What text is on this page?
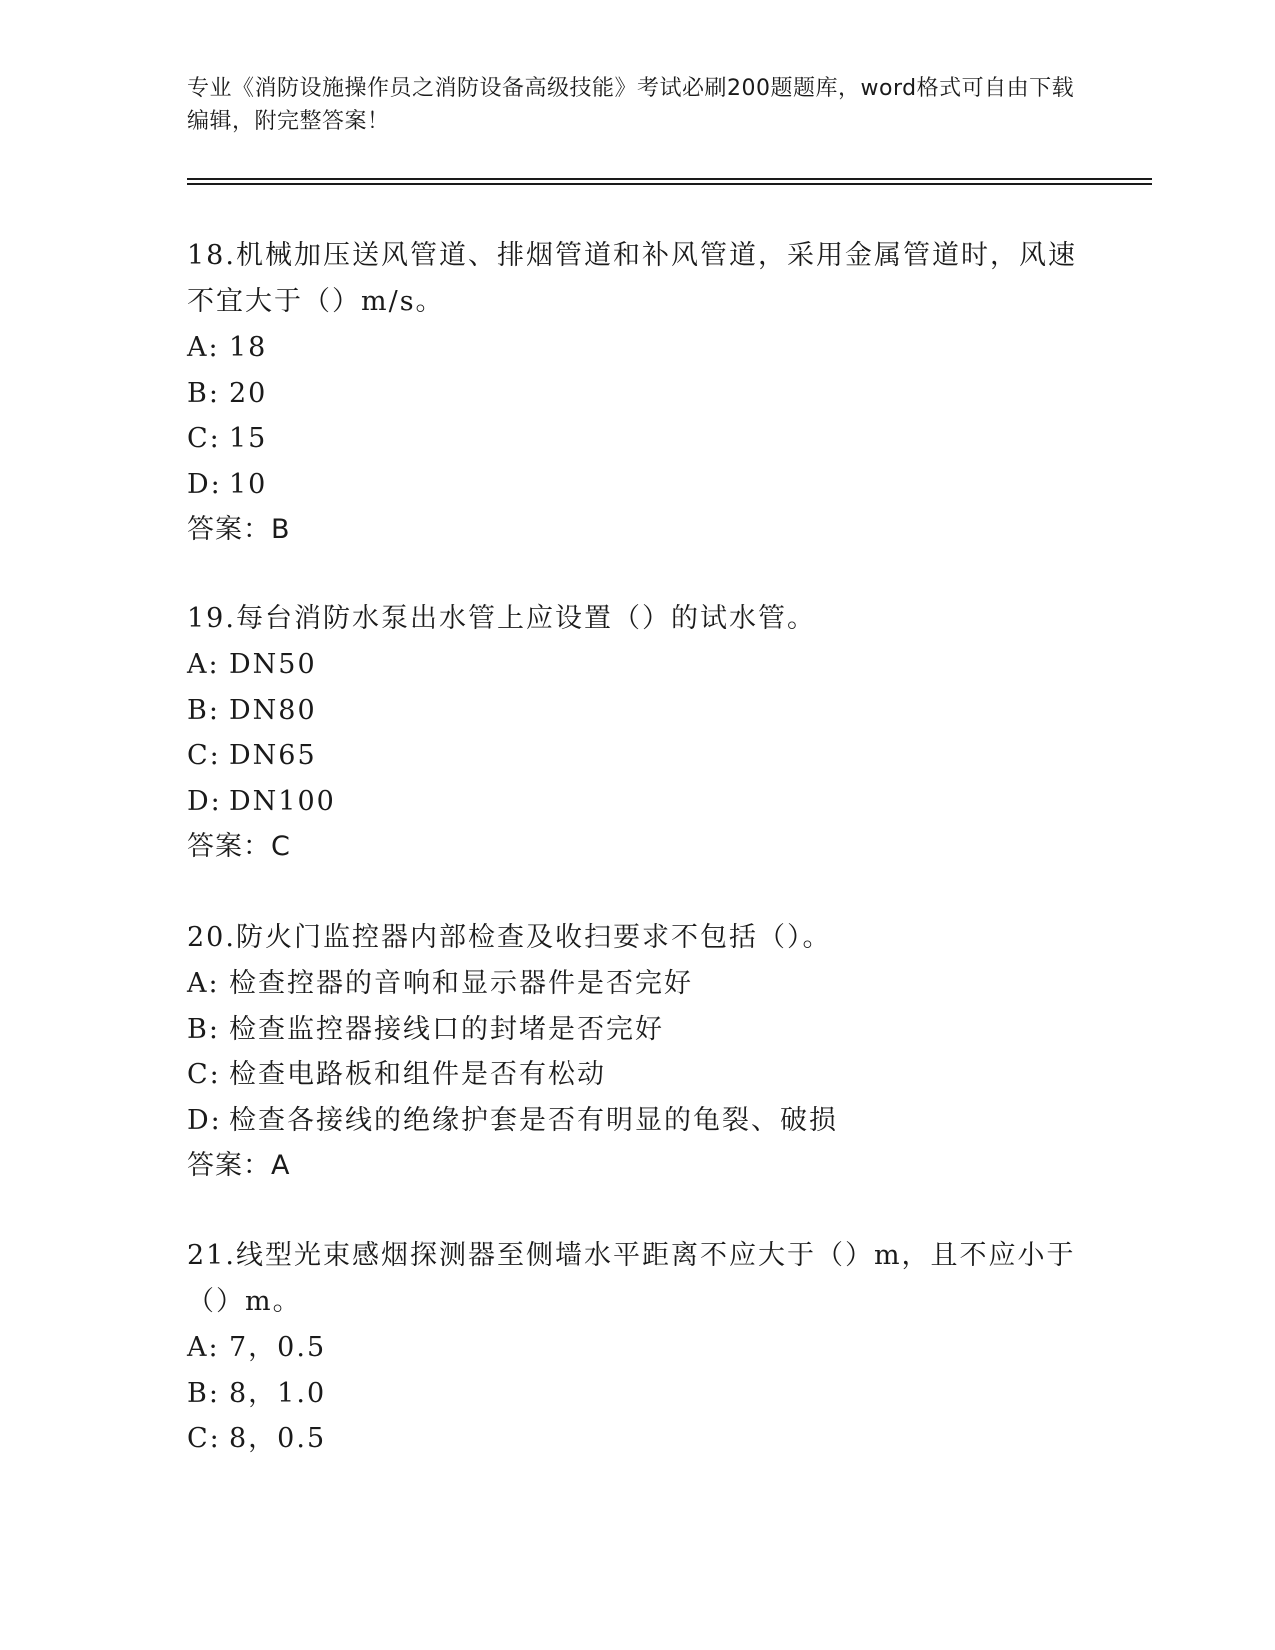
专业《消防设施操作员之消防设备高级技能》考试必刷200题题库，word格式可自由下载编辑，附完整答案！

18.机械加压送风管道、排烟管道和补风管道，采用金属管道时，风速不宜大于（）m/s。

A: 18

B: 20

C: 15

D: 10

答案：B

19.每台消防水泵出水管上应设置（）的试水管。

A: DN50

B: DN80

C: DN65

D: DN100

答案：C

20.防火门监控器内部检查及收扫要求不包括（）。

A: 检查控器的音响和显示器件是否完好

B: 检查监控器接线口的封堵是否完好

C: 检查电路板和组件是否有松动

D: 检查各接线的绝缘护套是否有明显的龟裂、破损

答案：A

21.线型光束感烟探测器至侧墙水平距离不应大于（）m，且不应小于（）m。

A: 7，0.5

B: 8，1.0

C: 8，0.5
